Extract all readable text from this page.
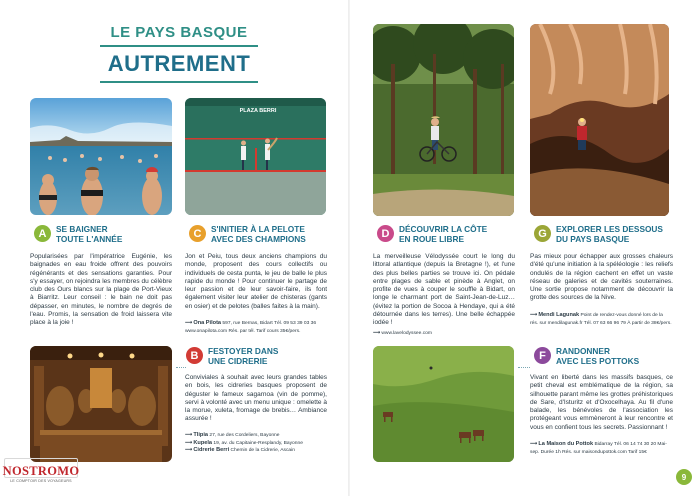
LE PAYS BASQUE
AUTREMENT
PLAZA BERRI
A	SE BAIGNER
TOUTE L'ANNÉE
Popularisées par l'impératrice Eugénie, les baignades en eau froide offrent des pouvoirs régénérants et des sensations garanties. Pour s'y essayer, on rejoindra les membres du célèbre club des Ours blancs sur la plage de Port-Vieux à Biarritz. Leur conseil : le bain ne doit pas dépasser, en minutes, le nombre de degrés de l'eau. Promis, la sensation de froid laissera vite place à la joie !
C	S'INITIER À LA PELOTE
AVEC DES CHAMPIONS
Jon et Peiu, tous deux anciens champions du monde, proposent des cours collectifs ou individuels de cesta punta, le jeu de balle le plus rapide du monde ! Pour continuer le partage de leur passion et de leur savoir-faire, ils font également visiter leur atelier de chisteras (gants en osier) et de pelotes (balles faites à la main).
⟶ Ona Pilota 597, rue Bernas, Bidart Tél. 09 53 39 03 36
www.onapilota.com Rés. par tél. Tarif cours 35€/pers.
B	FESTOYER DANS
UNE CIDRERIE
Conviviales à souhait avec leurs grandes tables en bois, les cidreries basques proposent de déguster le fameux sagarnoa (vin de pomme), servi à volonté avec un menu unique : omelette à la morue, xuleta, fromage de brebis… Ambiance assurée !
⟶ Tlipia 27, rue des Cordeliers, Bayonne
⟶ Kupela 19, av. du Capitaine-Resplandy, Bayonne
⟶ Cidrerie Berri Chemin de la Cidrerie, Ascain
NOSTROMO
LE COMPTOIR DES VOYAGEURS
D	DÉCOUVRIR LA CÔTE
EN ROUE LIBRE
La merveilleuse Vélodyssée court le long du littoral atlantique (depuis la Bretagne !), et l'une des plus belles parties se trouve ici. On pédale entre plages de sable et pinède à Anglet, on profite de vues à couper le souffle à Bidart, on longe le charmant port de Saint-Jean-de-Luz… (évitez la portion de Socoa à Hendaye, qui a été détournée dans les terres). Une belle échappée iodée !
⟶ www.lavelodyssee.com
G	EXPLORER LES DESSOUS
DU PAYS BASQUE
Pas mieux pour échapper aux grosses chaleurs d'été qu'une initiation à la spéléologie : les reliefs ondulés de la région cachent en effet un vaste réseau de galeries et de cavités souterraines. Une sortie propose notamment de découvrir la grotte des sources de la Nive.
⟶ Mendi Lagunak Point de rendez-vous donné lors de la rés. sur mendilagunak.fr Tél. 07 63 66 96 79 À partir de 38€/pers.
F	RANDONNER
AVEC LES POTTOKS
Vivant en liberté dans les massifs basques, ce petit cheval est emblématique de la région, sa silhouette parant même les grottes préhistoriques de Sare, d'Isturitz et d'Oxocelhaya. Au fil d'une balade, les bénévoles de l'association les protégeant vous emmèneront à leur rencontre et vous en confient tous les secrets. Passionnant !
⟶ La Maison du Pottok Bidarray Tél. 06 14 74 30 20 Mai-sep. Durée 1h Rés. sur maisondupottok.com Tarif 15€
9
